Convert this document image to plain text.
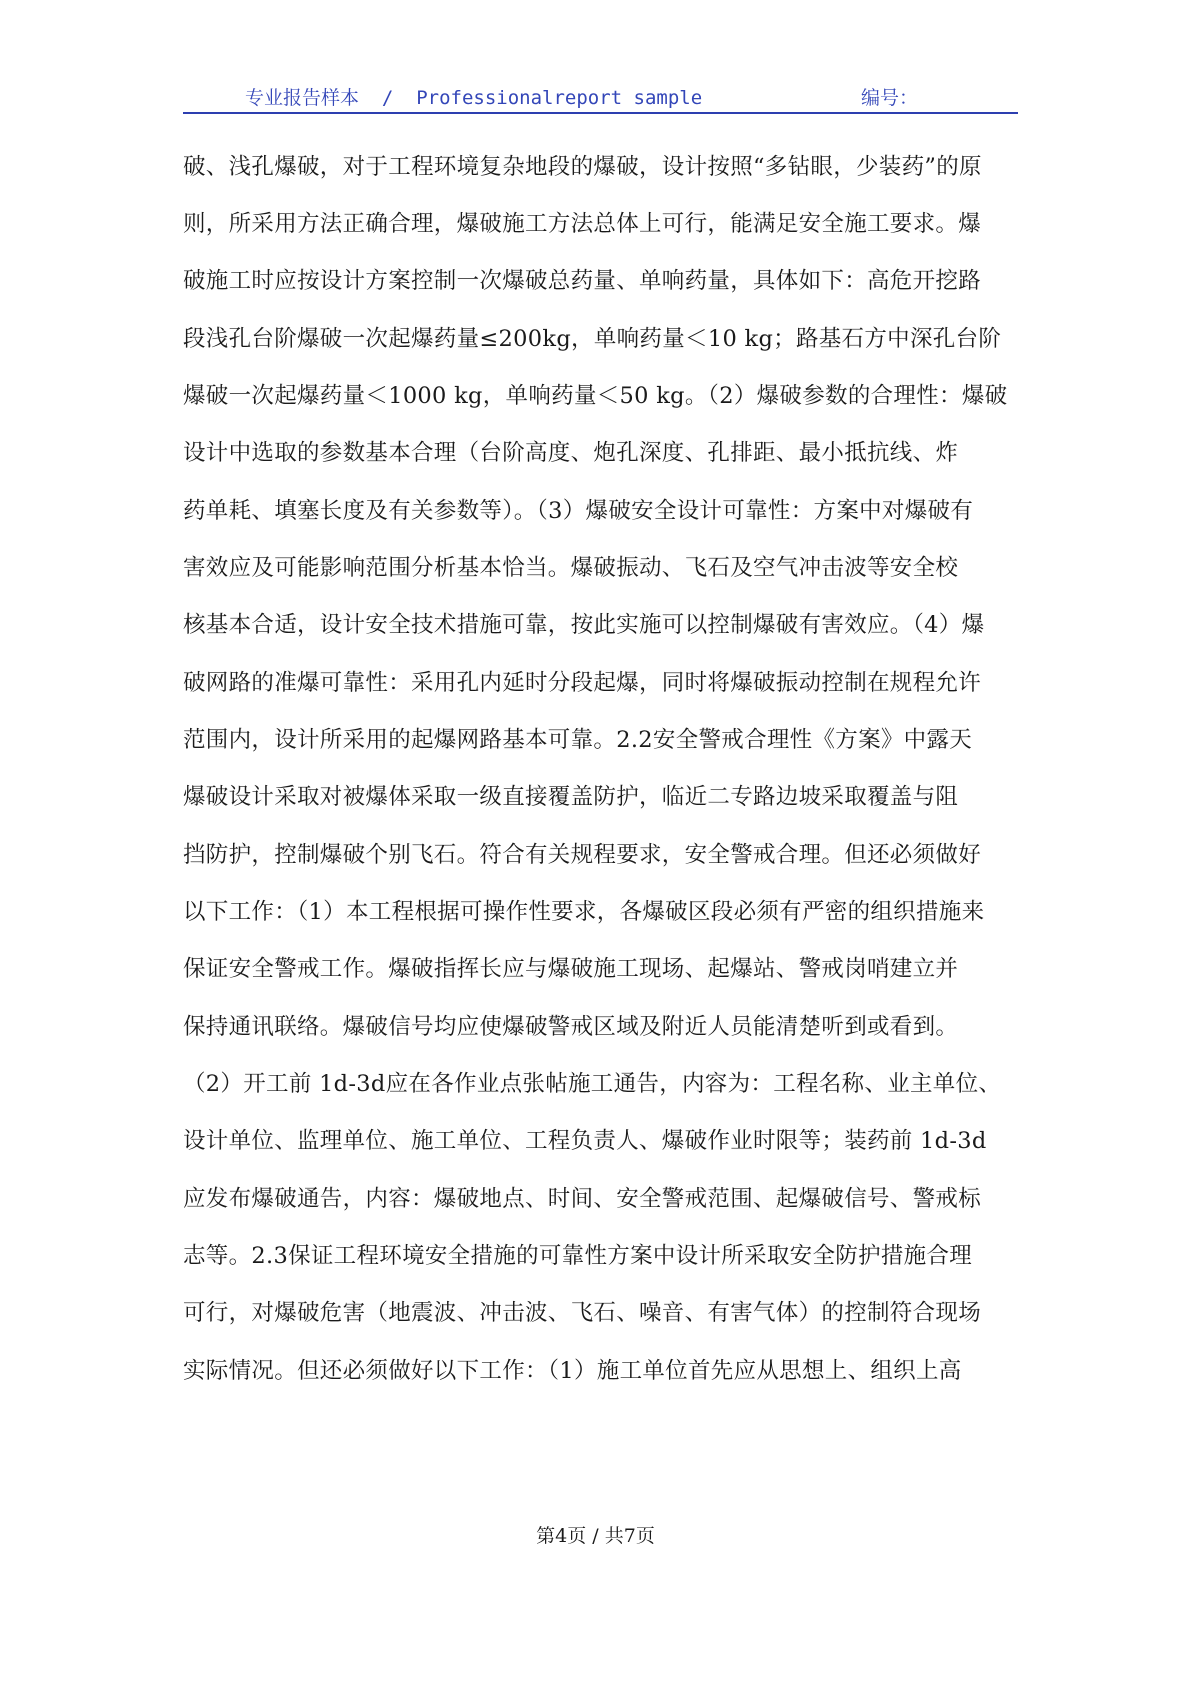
专业报告样本  /  Professionalreport sample	编号：
破、浅孔爆破，对于工程环境复杂地段的爆破，设计按照“多钻眼，少装药”的原
则，所采用方法正确合理，爆破施工方法总体上可行，能满足安全施工要求。爆
破施工时应按设计方案控制一次爆破总药量、单响药量，具体如下：高危开挖路
段浅孔台阶爆破一次起爆药量≤200kg，单响药量＜10 kg；路基石方中深孔台阶
爆破一次起爆药量＜1000 kg，单响药量＜50 kg。（2）爆破参数的合理性：爆破
设计中选取的参数基本合理（台阶高度、炮孔深度、孔排距、最小抵抗线、炸
药单耗、填塞长度及有关参数等）。（3）爆破安全设计可靠性：方案中对爆破有
害效应及可能影响范围分析基本恰当。爆破振动、飞石及空气冲击波等安全校
核基本合适，设计安全技术措施可靠，按此实施可以控制爆破有害效应。（4）爆
破网路的准爆可靠性：采用孔内延时分段起爆，同时将爆破振动控制在规程允许
范围内，设计所采用的起爆网路基本可靠。2.2安全警戒合理性《方案》中露天
爆破设计采取对被爆体采取一级直接覆盖防护，临近二专路边坡采取覆盖与阻
挡防护，控制爆破个别飞石。符合有关规程要求，安全警戒合理。但还必须做好
以下工作：（1）本工程根据可操作性要求，各爆破区段必须有严密的组织措施来
保证安全警戒工作。爆破指挥长应与爆破施工现场、起爆站、警戒岗哨建立并
保持通讯联络。爆破信号均应使爆破警戒区域及附近人员能清楚听到或看到。
（2）开工前 1d-3d应在各作业点张帖施工通告，内容为：工程名称、业主单位、
设计单位、监理单位、施工单位、工程负责人、爆破作业时限等；装药前 1d-3d
应发布爆破通告，内容：爆破地点、时间、安全警戒范围、起爆破信号、警戒标
志等。2.3保证工程环境安全措施的可靠性方案中设计所采取安全防护措施合理
可行，对爆破危害（地震波、冲击波、飞石、噪音、有害气体）的控制符合现场
实际情况。但还必须做好以下工作：（1）施工单位首先应从思想上、组织上高
第4页 / 共7页
